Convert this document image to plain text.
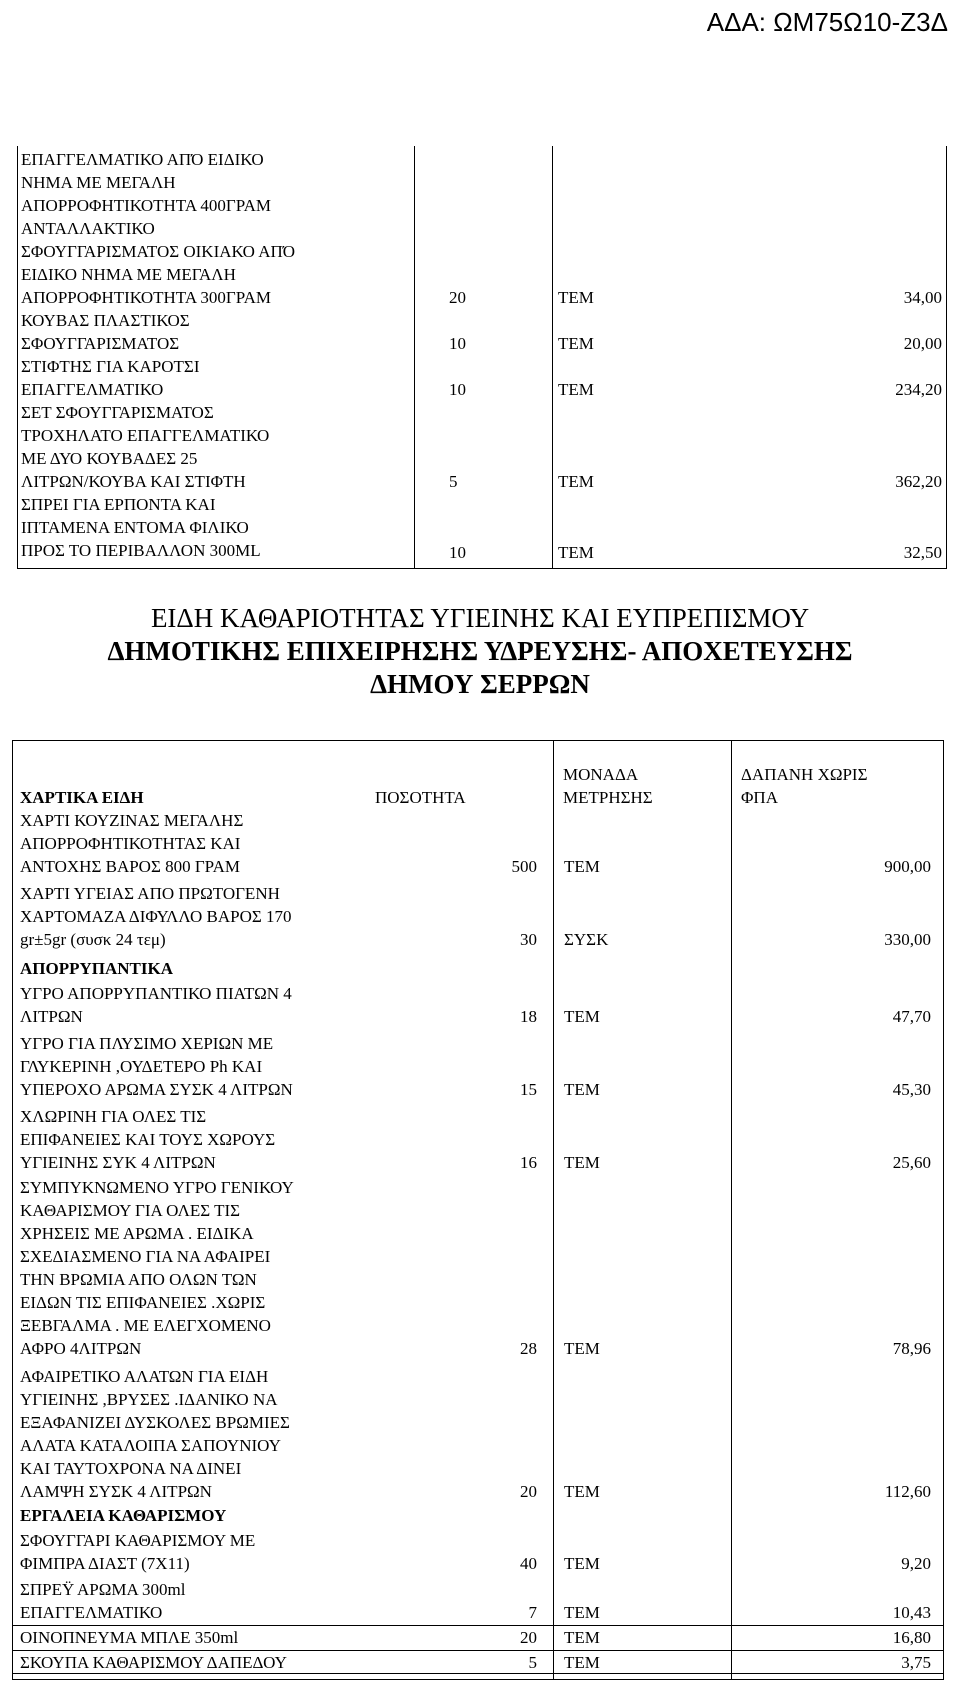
ΑΔΑ: ΩΜ75Ω10-Ζ3Δ
ΕΠΑΓΓΕΛΜΑΤΙΚΟ ΑΠΌ ΕΙΔΙΚΟ
ΝΗΜΑ ΜΕ ΜΕΓΑΛΗ
ΑΠΟΡΡΟΦΗΤΙΚΟΤΗΤΑ 400ΓΡΑΜ
ΑΝΤΑΛΛΑΚΤΙΚΟ
ΣΦΟΥΓΓΑΡΙΣΜΑΤΟΣ ΟΙΚΙΑΚΟ ΑΠΌ
ΕΙΔΙΚΟ ΝΗΜΑ ΜΕ ΜΕΓΑΛΗ
ΑΠΟΡΡΟΦΗΤΙΚΟΤΗΤΑ 300ΓΡΑΜ	20	ΤΕΜ	34,00
ΚΟΥΒΑΣ ΠΛΑΣΤΙΚΟΣ
ΣΦΟΥΓΓΑΡΙΣΜΑΤΟΣ	10	ΤΕΜ	20,00
ΣΤΙΦΤΗΣ ΓΙΑ ΚΑΡΟΤΣΙ
ΕΠΑΓΓΕΛΜΑΤΙΚΟ	10	ΤΕΜ	234,20
ΣΕΤ ΣΦΟΥΓΓΑΡΙΣΜΑΤΟΣ
ΤΡΟΧΗΛΑΤΟ ΕΠΑΓΓΕΛΜΑΤΙΚΟ
ΜΕ ΔΥΟ ΚΟΥΒΑΔΕΣ 25
ΛΙΤΡΩΝ/ΚΟΥΒΑ ΚΑΙ ΣΤΙΦΤΗ	5	ΤΕΜ	362,20
ΣΠΡΕΙ ΓΙΑ ΕΡΠΟΝΤΑ ΚΑΙ
ΙΠΤΑΜΕΝΑ ΕΝΤΟΜΑ ΦΙΛΙΚΟ
ΠΡΟΣ ΤΟ ΠΕΡΙΒΑΛΛΟΝ 300ML	10	ΤΕΜ	32,50
ΕΙΔΗ ΚΑΘΑΡΙΟΤΗΤΑΣ ΥΓΙΕΙΝΗΣ ΚΑΙ ΕΥΠΡΕΠΙΣΜΟΥ
ΔΗΜΟΤΙΚΗΣ ΕΠΙΧΕΙΡΗΣΗΣ ΥΔΡΕΥΣΗΣ- ΑΠΟΧΕΤΕΥΣΗΣ
ΔΗΜΟΥ ΣΕΡΡΩΝ
ΧΑΡΤΙΚΑ ΕΙΔΗ	ΠΟΣΟΤΗΤΑ
ΜΟΝΑΔΑ
ΜΕΤΡΗΣΗΣ
ΔΑΠΑΝΗ ΧΩΡΙΣ
ΦΠΑ
ΧΑΡΤΙ ΚΟΥΖΙΝΑΣ ΜΕΓΑΛΗΣ
ΑΠΟΡΡΟΦΗΤΙΚΟΤΗΤΑΣ ΚΑΙ
ΑΝΤΟΧΗΣ ΒΑΡΟΣ 800 ΓΡΑΜ	500 ΤΕΜ	900,00
ΧΑΡΤΙ ΥΓΕΙΑΣ ΑΠΟ ΠΡΩΤΟΓΕΝΗ
ΧΑΡΤΟΜΑΖΑ ΔΙΦΥΛΛΟ ΒΑΡΟΣ 170
gr±5gr (συσκ 24 τεμ)	30 ΣΥΣΚ	330,00
ΑΠΟΡΡΥΠΑΝΤΙΚΑ
ΥΓΡΟ ΑΠΟΡΡΥΠΑΝΤΙΚΟ ΠΙΑΤΩΝ 4
ΛΙΤΡΩΝ	18 ΤΕΜ	47,70
ΥΓΡΟ ΓΙΑ ΠΛΥΣΙΜΟ ΧΕΡΙΩΝ ΜΕ
ΓΛΥΚΕΡΙΝΗ ,ΟΥΔΕΤΕΡΟ Ph ΚΑΙ
ΥΠΕΡΟΧΟ ΑΡΩΜΑ ΣΥΣΚ 4 ΛΙΤΡΩΝ	15 ΤΕΜ	45,30
ΧΛΩΡΙΝΗ ΓΙΑ ΟΛΕΣ ΤΙΣ
ΕΠΙΦΑΝΕΙΕΣ ΚΑΙ ΤΟΥΣ ΧΩΡΟΥΣ
ΥΓΙΕΙΝΗΣ ΣΥΚ 4 ΛΙΤΡΩΝ	16 ΤΕΜ	25,60
ΣΥΜΠΥΚΝΩΜΕΝΟ ΥΓΡΟ ΓΕΝΙΚΟΥ
ΚΑΘΑΡΙΣΜΟΥ ΓΙΑ ΟΛΕΣ ΤΙΣ
ΧΡΗΣΕΙΣ ΜΕ ΑΡΩΜΑ . ΕΙΔΙΚΑ
ΣΧΕΔΙΑΣΜΕΝΟ ΓΙΑ ΝΑ ΑΦΑΙΡΕΙ
ΤΗΝ ΒΡΩΜΙΑ ΑΠΟ ΟΛΩΝ ΤΩΝ
ΕΙΔΩΝ ΤΙΣ ΕΠΙΦΑΝΕΙΕΣ .ΧΩΡΙΣ
ΞΕΒΓΑΛΜΑ . ΜΕ ΕΛΕΓΧΟΜΕΝΟ
ΑΦΡΟ 4ΛΙΤΡΩΝ	28 ΤΕΜ	78,96
ΑΦΑΙΡΕΤΙΚΟ ΑΛΑΤΩΝ ΓΙΑ ΕΙΔΗ
ΥΓΙΕΙΝΗΣ ,ΒΡΥΣΕΣ .ΙΔΑΝΙΚΟ ΝΑ
ΕΞΑΦΑΝΙΖΕΙ ΔΥΣΚΟΛΕΣ ΒΡΩΜΙΕΣ
ΑΛΑΤΑ ΚΑΤΑΛΟΙΠΑ ΣΑΠΟΥΝΙΟΥ
ΚΑΙ ΤΑΥΤΟΧΡΟΝΑ ΝΑ ΔΙΝΕΙ
ΛΑΜΨΗ ΣΥΣΚ 4 ΛΙΤΡΩΝ	20 ΤΕΜ	112,60
ΕΡΓΑΛΕΙΑ ΚΑΘΑΡΙΣΜΟΥ
ΣΦΟΥΓΓΑΡΙ ΚΑΘΑΡΙΣΜΟΥ ΜΕ
ΦΙΜΠΡΑ ΔΙΑΣΤ (7Χ11)	40 ΤΕΜ	9,20
ΣΠΡΕΫ ΑΡΩΜΑ 300ml
ΕΠΑΓΓΕΛΜΑΤΙΚΟ	7 ΤΕΜ	10,43
ΟΙΝΟΠΝΕΥΜΑ ΜΠΛΕ 350ml	20 ΤΕΜ	16,80
ΣΚΟΥΠΑ ΚΑΘΑΡΙΣΜΟΥ ΔΑΠΕΔΟΥ	5 ΤΕΜ	3,75
